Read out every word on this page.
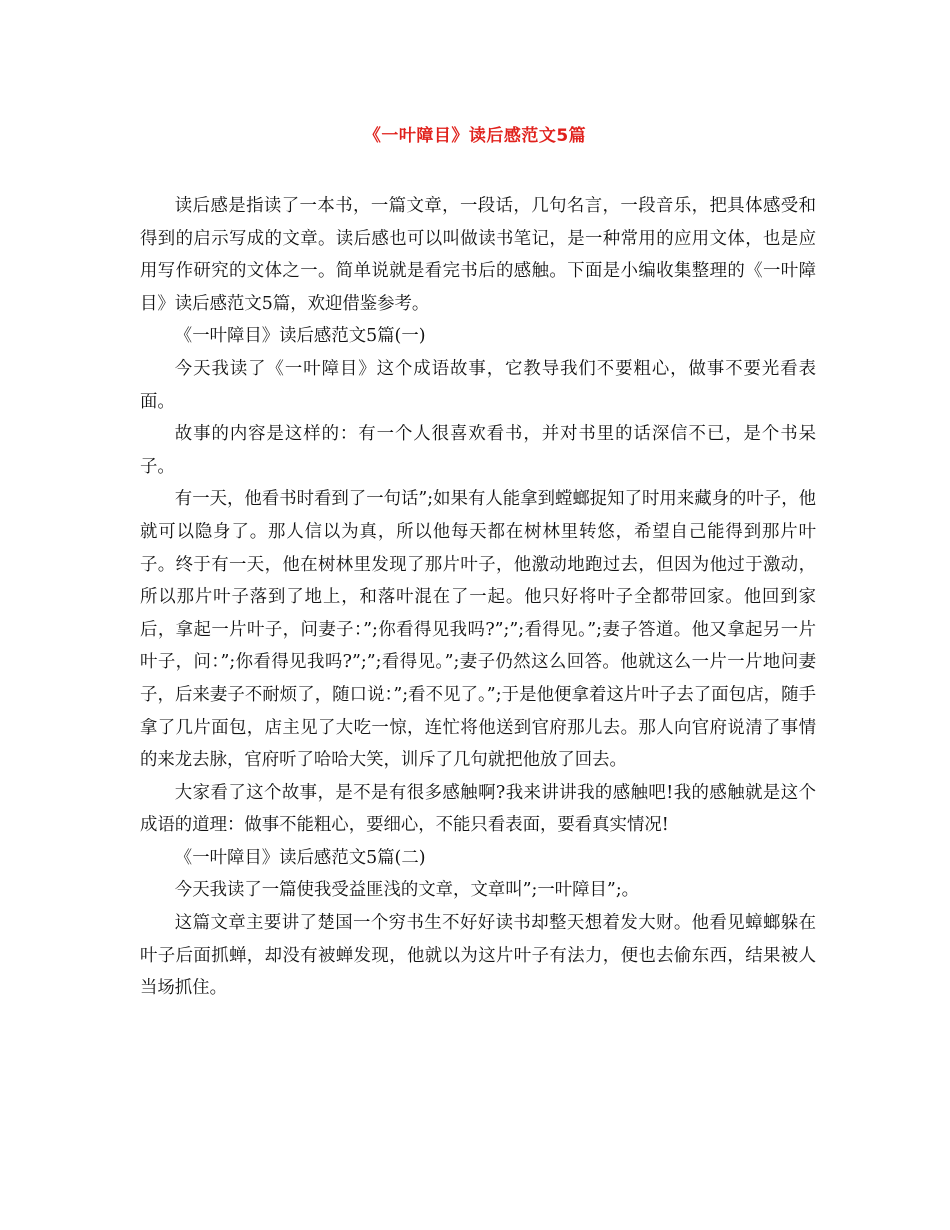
《一叶障目》读后感范文5篇

读后感是指读了一本书，一篇文章，一段话，几句名言，一段音乐，把具体感受和得到的启示写成的文章。读后感也可以叫做读书笔记，是一种常用的应用文体，也是应用写作研究的文体之一。简单说就是看完书后的感触。下面是小编收集整理的《一叶障目》读后感范文5篇，欢迎借鉴参考。

《一叶障目》读后感范文5篇(一)

今天我读了《一叶障目》这个成语故事，它教导我们不要粗心，做事不要光看表面。

故事的内容是这样的：有一个人很喜欢看书，并对书里的话深信不已，是个书呆子。

有一天，他看书时看到了一句话”;如果有人能拿到螳螂捉知了时用来藏身的叶子，他就可以隐身了。那人信以为真，所以他每天都在树林里转悠，希望自己能得到那片叶子。终于有一天，他在树林里发现了那片叶子，他激动地跑过去，但因为他过于激动，所以那片叶子落到了地上，和落叶混在了一起。他只好将叶子全都带回家。他回到家后，拿起一片叶子，问妻子：”;你看得见我吗?”;”;看得见。”;妻子答道。他又拿起另一片叶子，问：”;你看得见我吗?”;”;看得见。”;妻子仍然这么回答。他就这么一片一片地问妻子，后来妻子不耐烦了，随口说：”;看不见了。”;于是他便拿着这片叶子去了面包店，随手拿了几片面包，店主见了大吃一惊，连忙将他送到官府那儿去。那人向官府说清了事情的来龙去脉，官府听了哈哈大笑，训斥了几句就把他放了回去。

大家看了这个故事，是不是有很多感触啊?我来讲讲我的感触吧!我的感触就是这个成语的道理：做事不能粗心，要细心，不能只看表面，要看真实情况!

《一叶障目》读后感范文5篇(二)

今天我读了一篇使我受益匪浅的文章，文章叫”;一叶障目”;。

这篇文章主要讲了楚国一个穷书生不好好读书却整天想着发大财。他看见蟑螂躲在叶子后面抓蝉，却没有被蝉发现，他就以为这片叶子有法力，便也去偷东西，结果被人当场抓住。
